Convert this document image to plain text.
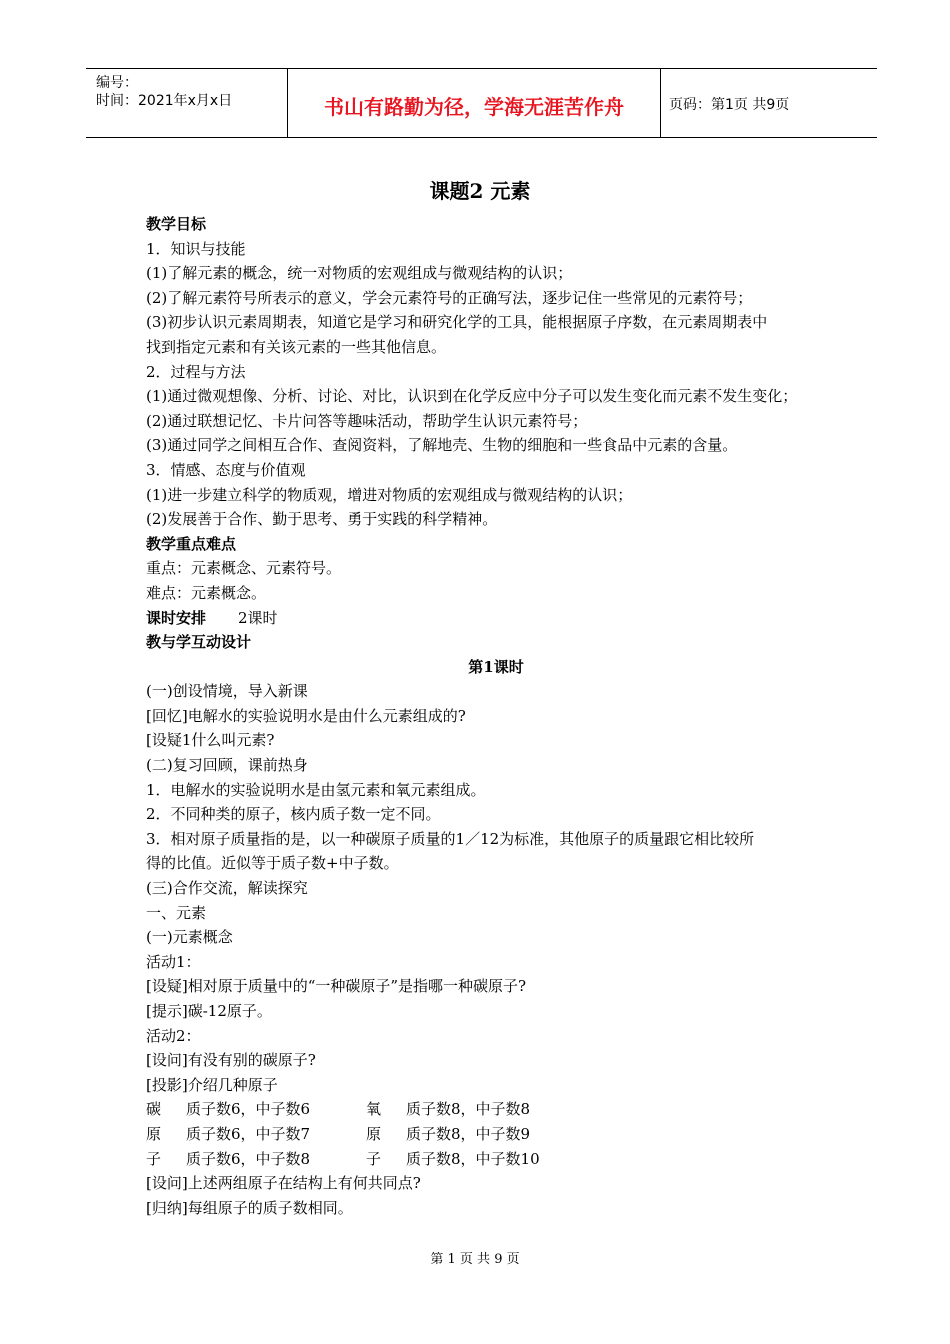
编号：
时间：2021年x月x日	书山有路勤为径，学海无涯苦作舟	页码：第1页 共9页
课题2 元素
教学目标
1．知识与技能
(1)了解元素的概念，统一对物质的宏观组成与微观结构的认识；
(2)了解元素符号所表示的意义，学会元素符号的正确写法，逐步记住一些常见的元素符号；
(3)初步认识元素周期表，知道它是学习和研究化学的工具，能根据原子序数，在元素周期表中
找到指定元素和有关该元素的一些其他信息。
2．过程与方法
(1)通过微观想像、分析、讨论、对比，认识到在化学反应中分子可以发生变化而元素不发生变化；
(2)通过联想记忆、卡片问答等趣味活动，帮助学生认识元素符号；
(3)通过同学之间相互合作、查阅资料，了解地壳、生物的细胞和一些食品中元素的含量。
3．情感、态度与价值观
(1)进一步建立科学的物质观，增进对物质的宏观组成与微观结构的认识；
(2)发展善于合作、勤于思考、勇于实践的科学精神。
教学重点难点
重点：元素概念、元素符号。
难点：元素概念。
课时安排 2课时
教与学互动设计
第1课时
(一)创设情境，导入新课
[回忆]电解水的实验说明水是由什么元素组成的?
[设疑1什么叫元素?
(二)复习回顾，课前热身
1．电解水的实验说明水是由氢元素和氧元素组成。
2．不同种类的原子，核内质子数一定不同。
3．相对原子质量指的是，以一种碳原子质量的1／12为标准，其他原子的质量跟它相比较所
得的比值。近似等于质子数+中子数。
(三)合作交流，解读探究
一、元素
(一)元素概念
活动1：
[设疑]相对原于质量中的“一种碳原子”是指哪一种碳原子?
[提示]碳-12原子。
活动2：
[设问]有没有别的碳原子?
[投影]介绍几种原子
碳 质子数6，中子数6	氧 质子数8，中子数8
原 质子数6，中子数7	原 质子数8，中子数9
子 质子数6，中子数8	子 质子数8，中子数10
[设问]上述两组原子在结构上有何共同点?
[归纳]每组原子的质子数相同。
第 1 页 共 9 页
